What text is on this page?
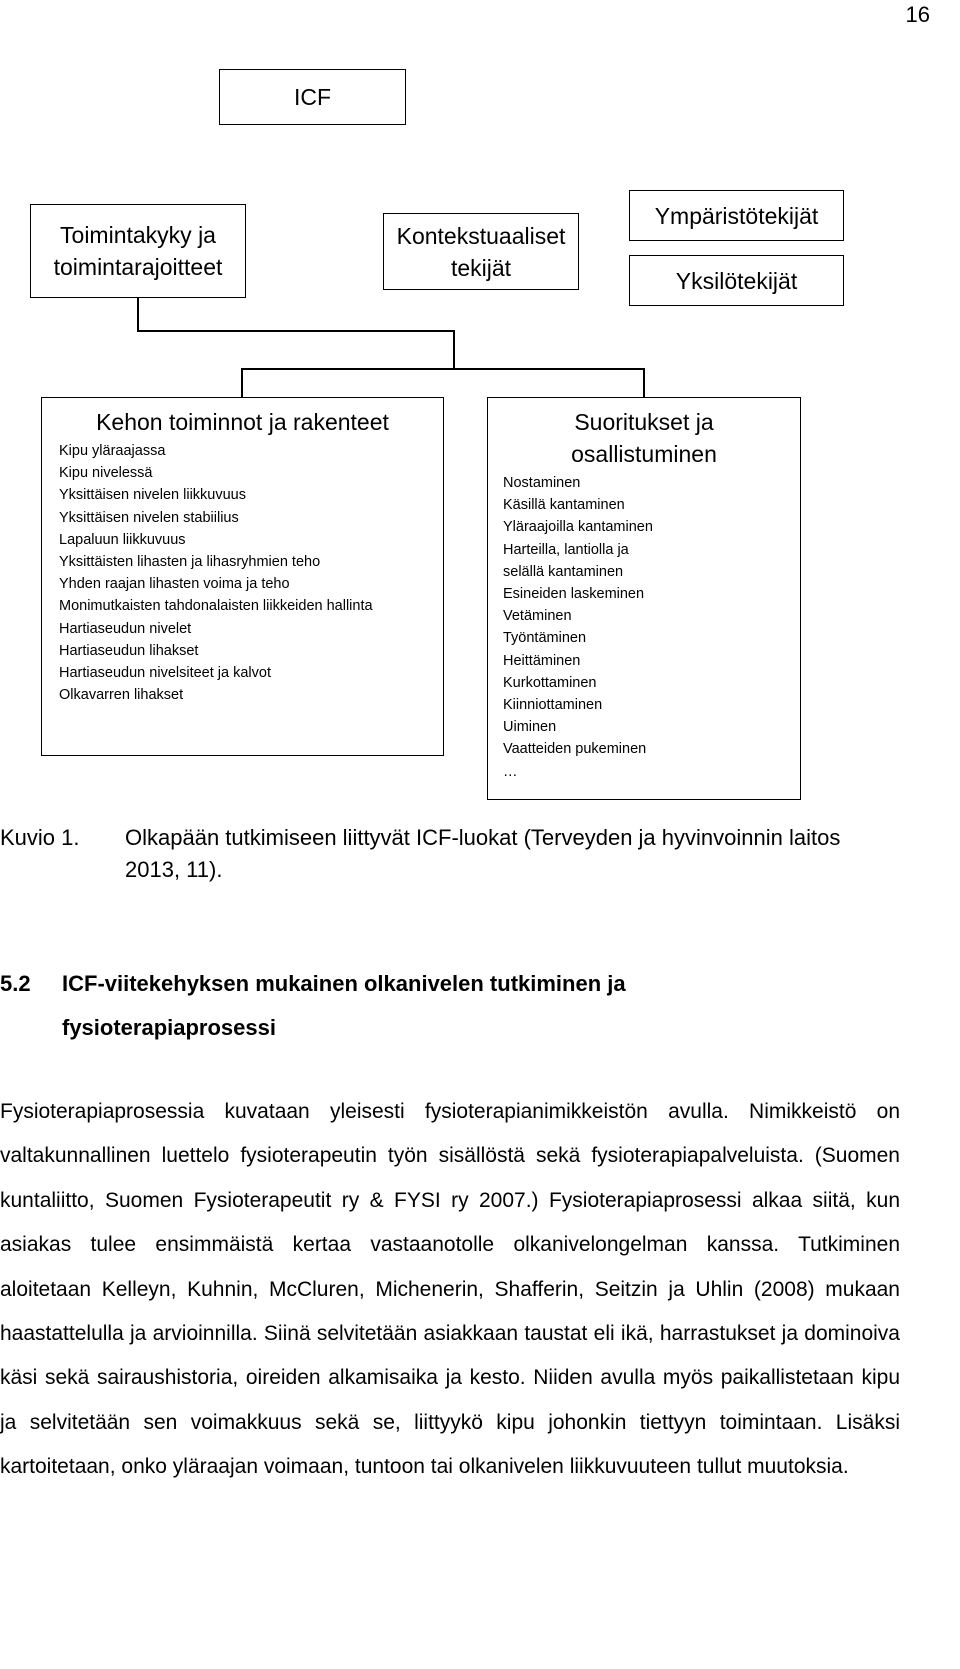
16
ICF
Toimintakyky ja toimintarajoitteet
Kontekstuaaliset tekijät
Ympäristötekijät
Yksilötekijät
Kehon toiminnot ja rakenteet
Kipu yläraajassa
Kipu nivelessä
Yksittäisen nivelen liikkuvuus
Yksittäisen nivelen stabiilius
Lapaluun liikkuvuus
Yksittäisten lihasten ja lihasryhmien teho
Yhden raajan lihasten voima ja teho
Monimutkaisten tahdonalaisten liikkeiden hallinta
Hartiaseudun nivelet
Hartiaseudun lihakset
Hartiaseudun nivelsiteet ja kalvot
Olkavarren lihakset
Suoritukset ja osallistuminen
Nostaminen
Käsillä kantaminen
Yläraajoilla kantaminen
Harteilla, lantiolla ja selällä kantaminen
Esineiden laskeminen
Vetäminen
Työntäminen
Heittäminen
Kurkottaminen
Kiinniottaminen
Uiminen
Vaatteiden pukeminen
…
Kuvio 1. Olkapään tutkimiseen liittyvät ICF-luokat (Terveyden ja hyvinvoinnin laitos 2013, 11).
5.2 ICF-viitekehyksen mukainen olkanivelen tutkiminen ja
fysioterapiaprosessi

Fysioterapiaprosessia kuvataan yleisesti fysioterapianimikkeistön avulla. Nimikkeistö on valtakunnallinen luettelo fysioterapeutin työn sisällöstä sekä fysioterapiapalveluista. (Suomen kuntaliitto, Suomen Fysioterapeutit ry & FYSI ry 2007.) Fysioterapiaprosessi alkaa siitä, kun asiakas tulee ensimmäistä kertaa vastaanotolle olkanivelongelman kanssa. Tutkiminen aloitetaan Kelleyn, Kuhnin, McCluren, Michenerin, Shafferin, Seitzin ja Uhlin (2008) mukaan haastattelulla ja arvioinnilla. Siinä selvitetään asiakkaan taustat eli ikä, harrastukset ja dominoiva käsi sekä sairaushistoria, oireiden alkamisaika ja kesto. Niiden avulla myös paikallistetaan kipu ja selvitetään sen voimakkuus sekä se, liittyykö kipu johonkin tiettyyn toimintaan. Lisäksi kartoitetaan, onko yläraajan voimaan, tuntoon tai olkanivelen liikkuvuuteen tullut muutoksia.
